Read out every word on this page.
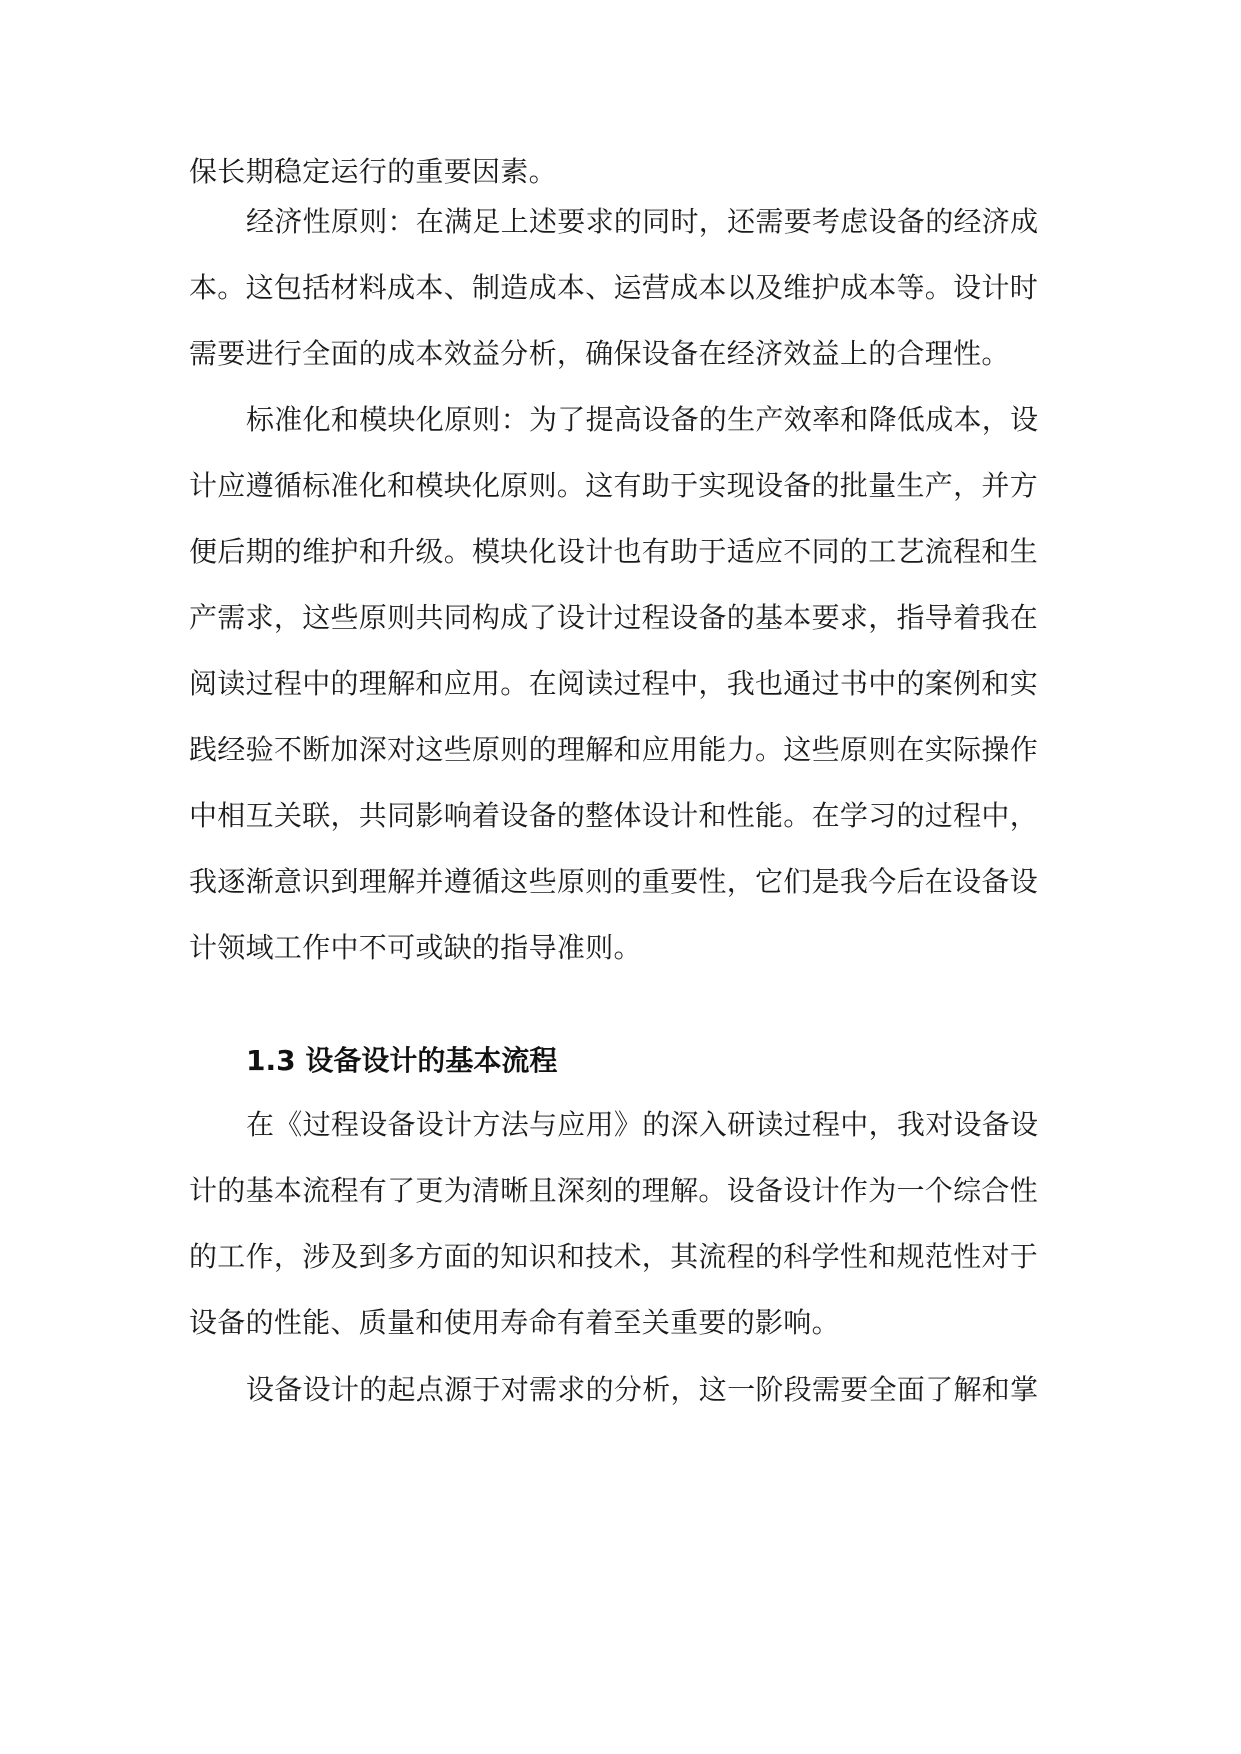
保长期稳定运行的重要因素。
经济性原则：在满足上述要求的同时，还需要考虑设备的经济成
本。这包括材料成本、制造成本、运营成本以及维护成本等。设计时
需要进行全面的成本效益分析，确保设备在经济效益上的合理性。
标准化和模块化原则：为了提高设备的生产效率和降低成本，设
计应遵循标准化和模块化原则。这有助于实现设备的批量生产，并方
便后期的维护和升级。模块化设计也有助于适应不同的工艺流程和生
产需求，这些原则共同构成了设计过程设备的基本要求，指导着我在
阅读过程中的理解和应用。在阅读过程中，我也通过书中的案例和实
践经验不断加深对这些原则的理解和应用能力。这些原则在实际操作
中相互关联，共同影响着设备的整体设计和性能。在学习的过程中，
我逐渐意识到理解并遵循这些原则的重要性，它们是我今后在设备设
计领域工作中不可或缺的指导准则。
1.3 设备设计的基本流程
在《过程设备设计方法与应用》的深入研读过程中，我对设备设
计的基本流程有了更为清晰且深刻的理解。设备设计作为一个综合性
的工作，涉及到多方面的知识和技术，其流程的科学性和规范性对于
设备的性能、质量和使用寿命有着至关重要的影响。
设备设计的起点源于对需求的分析，这一阶段需要全面了解和掌
